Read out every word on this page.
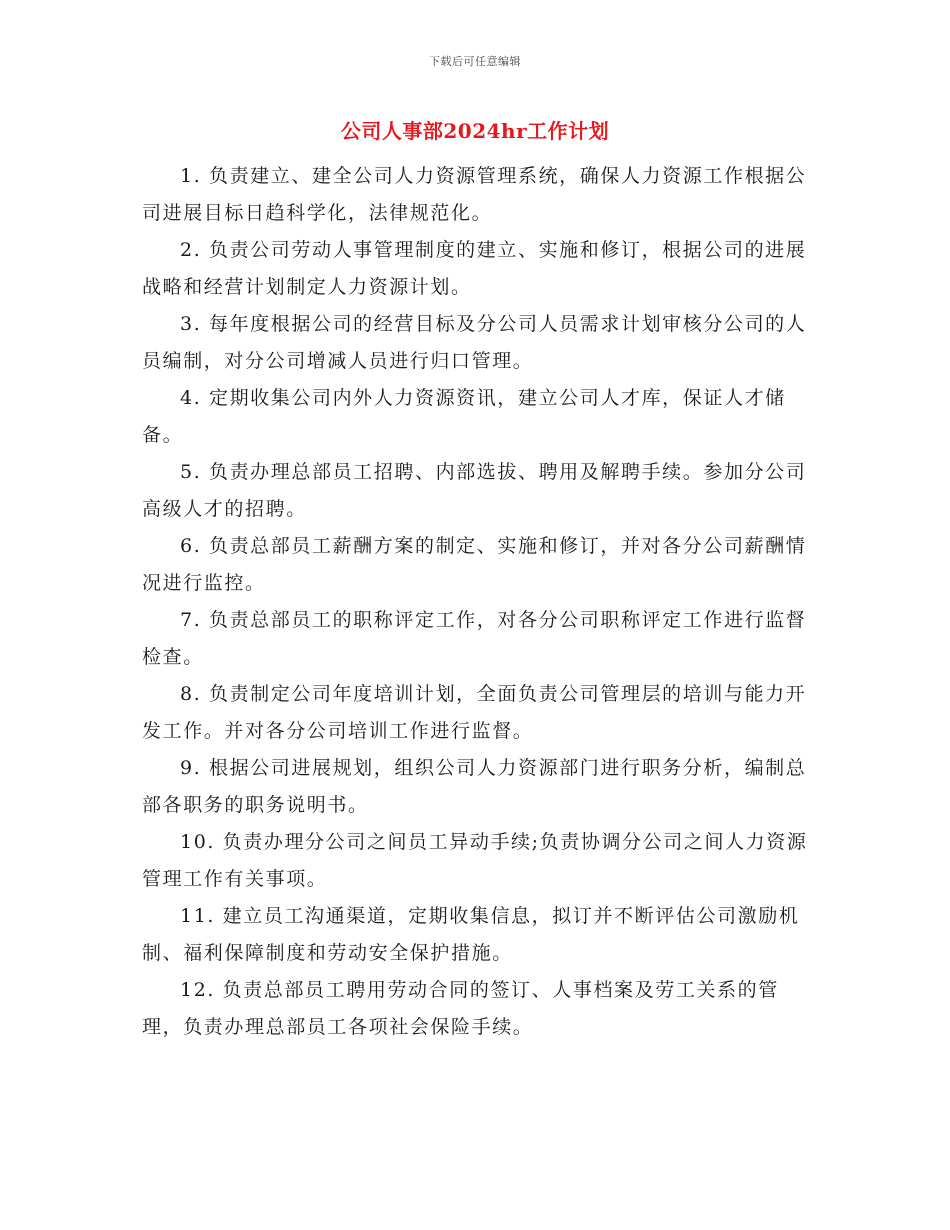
下载后可任意编辑
公司人事部2024hr工作计划

1. 负责建立、建全公司人力资源管理系统，确保人力资源工作根据公司进展目标日趋科学化，法律规范化。

2. 负责公司劳动人事管理制度的建立、实施和修订，根据公司的进展战略和经营计划制定人力资源计划。

3. 每年度根据公司的经营目标及分公司人员需求计划审核分公司的人员编制，对分公司增减人员进行归口管理。

4. 定期收集公司内外人力资源资讯，建立公司人才库，保证人才储备。

5. 负责办理总部员工招聘、内部选拔、聘用及解聘手续。参加分公司高级人才的招聘。

6. 负责总部员工薪酬方案的制定、实施和修订，并对各分公司薪酬情况进行监控。

7. 负责总部员工的职称评定工作，对各分公司职称评定工作进行监督检查。

8. 负责制定公司年度培训计划，全面负责公司管理层的培训与能力开发工作。并对各分公司培训工作进行监督。

9. 根据公司进展规划，组织公司人力资源部门进行职务分析，编制总部各职务的职务说明书。

10. 负责办理分公司之间员工异动手续;负责协调分公司之间人力资源管理工作有关事项。

11. 建立员工沟通渠道，定期收集信息，拟订并不断评估公司激励机制、福利保障制度和劳动安全保护措施。

12. 负责总部员工聘用劳动合同的签订、人事档案及劳工关系的管理，负责办理总部员工各项社会保险手续。
